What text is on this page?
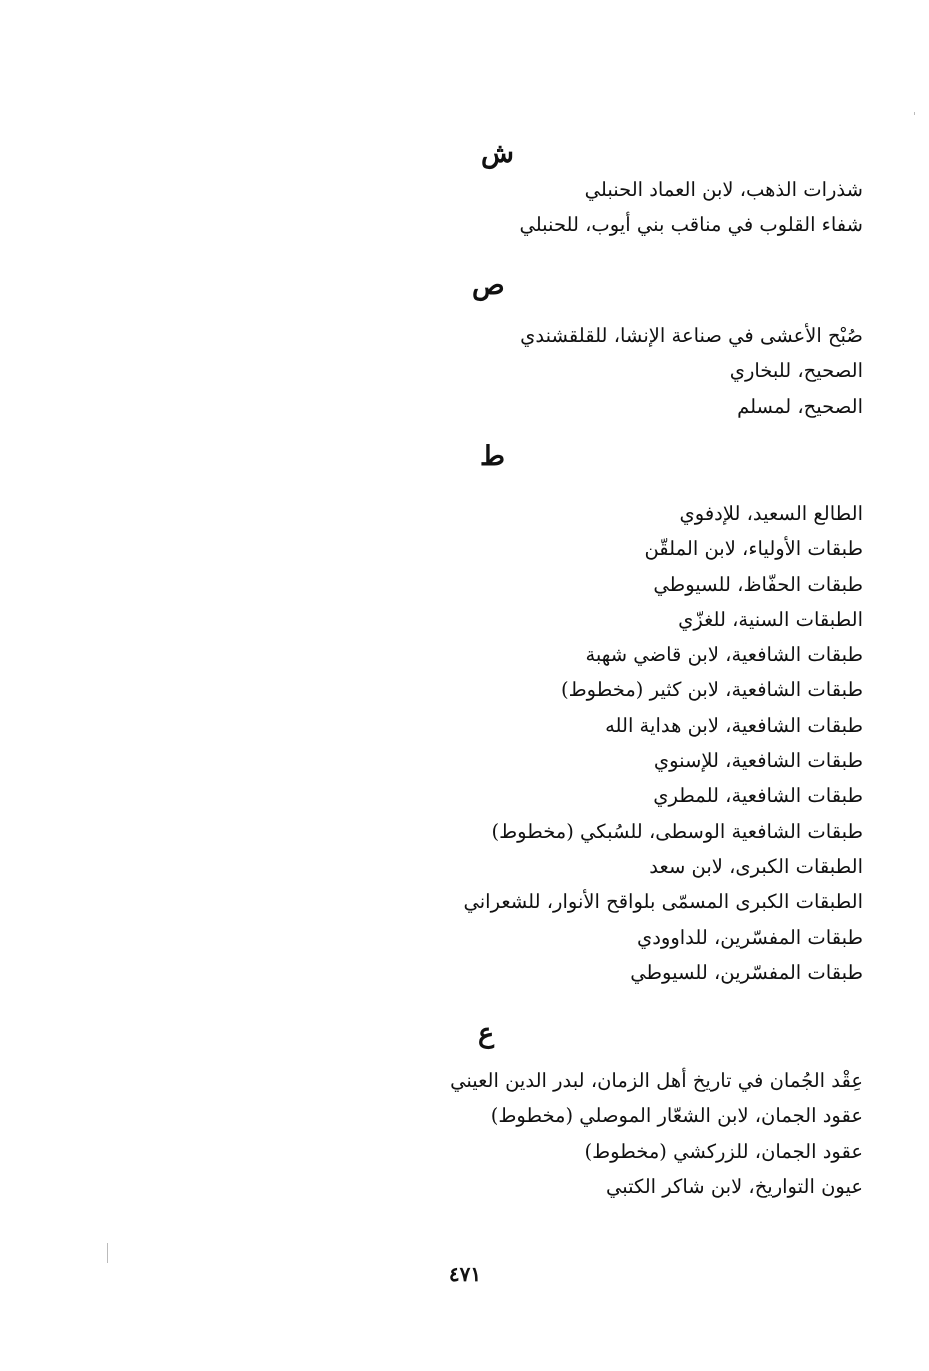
ش
شذرات الذهب، لابن العماد الحنبلي
شفاء القلوب في مناقب بني أيوب، للحنبلي
ص
صُبْح الأعشى في صناعة الإنشا، للقلقشندي
الصحيح، للبخاري
الصحيح، لمسلم
ط
الطالع السعيد، للإدفوي
طبقات الأولياء، لابن الملقّن
طبقات الحفّاظ، للسيوطي
الطبقات السنية، للغزّي
طبقات الشافعية، لابن قاضي شهبة
طبقات الشافعية، لابن كثير (مخطوط)
طبقات الشافعية، لابن هداية الله
طبقات الشافعية، للإسنوي
طبقات الشافعية، للمطري
طبقات الشافعية الوسطى، للسُبكي (مخطوط)
الطبقات الكبرى، لابن سعد
الطبقات الكبرى المسمّى بلواقح الأنوار، للشعراني
طبقات المفسّرين، للداوودي
طبقات المفسّرين، للسيوطي
ع
عِقْد الجُمان في تاريخ أهل الزمان، لبدر الدين العيني
عقود الجمان، لابن الشعّار الموصلي (مخطوط)
عقود الجمان، للزركشي (مخطوط)
عيون التواريخ، لابن شاكر الكتبي
٤٧١
